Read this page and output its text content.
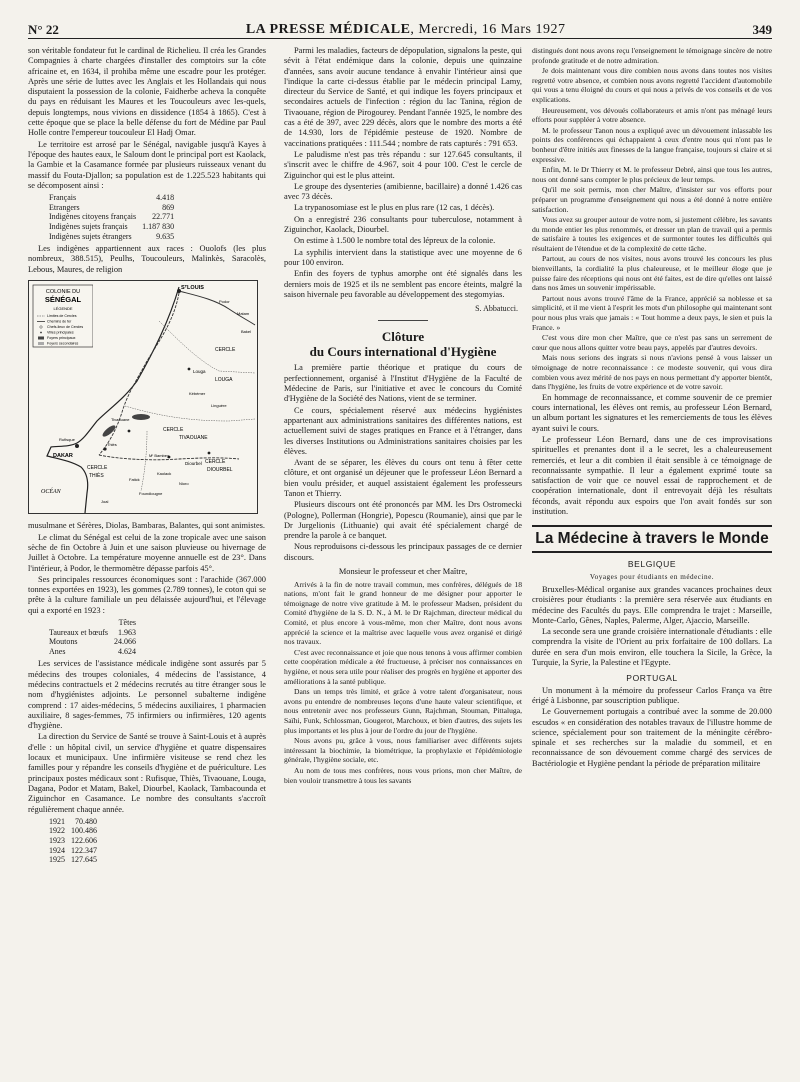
N° 22	LA PRESSE MÉDICALE, Mercredi, 16 Mars 1927	349

son véritable fondateur fut le cardinal de Richelieu. Il créa les Grandes Compagnies à charte chargées d'installer des comptoirs sur la côte africaine et, en 1634, il prohiba même une escadre pour les protéger. Après une série de luttes avec les Anglais et les Hollandais qui nous disputaient la possession de la colonie, Faidherbe acheva la conquête du pays en réduisant les Maures et les Toucouleurs avec les-quels, depuis longtemps, nous vivions en dissidence (1854 à 1865). C'est à cette époque que se place la belle défense du fort de Médine par Paul Holle contre l'empereur toucouleur El Hadj Omar.

Le territoire est arrosé par le Sénégal, navigable jusqu'à Kayes à l'époque des hautes eaux, le Saloum dont le principal port est Kaolack, la Gambie et la Casamance formée par plusieurs ruisseaux venant du massif du Fouta-Djallon; sa population est de 1.225.523 habitants qui se décomposent ainsi :

Français	4.418
Etrangers	869
Indigènes citoyens français	22.771
Indigènes sujets français	1.187 830
Indigènes sujets étrangers	9.635

Les indigènes appartiennent aux races : Ouolofs (les plus nombreux, 388.515), Peulhs, Toucouleurs, Malinkès, Saracolès, Lebous, Maures, de religion

COLONIE DU
SÉNÉGAL
LÉGENDE
Limites de Cercles
Chemins de fer
Chefs-lieux de Cercles
Villes principales
Foyers principaux
Foyers secondaires
OCÉAN
SᵀLOUIS
Podor
Matam
Bakel
Louga
CERCLE
LOUGA
CERCLE
THIÈS
DAKAR
Rufisque
Thiès
Tivaouane
CERCLE
TIVAOUANE
Diourbel CERCLE
DIOURBEL
Kaolack
Nioro
Kébémer
Linguère
Mᵗ Bambey
Joal
Fatick
Foundiougne

musulmane et Sérères, Diolas, Bambaras, Balantes, qui sont animistes.

Le climat du Sénégal est celui de la zone tropicale avec une saison sèche de fin Octobre à Juin et une saison pluvieuse ou hivernage de Juillet à Octobre. La température moyenne annuelle est de 23°. Dans l'intérieur, à Podor, le thermomètre dépasse parfois 45°.

Ses principales ressources économiques sont : l'arachide (367.000 tonnes exportées en 1923), les gommes (2.789 tonnes), le coton qui se prête à la culture familiale un peu délaissée aujourd'hui, et l'élevage qui a exporté en 1923 :

	Têtes
Taureaux et bœufs	1.963
Moutons	24.066
Anes	4.624

Les services de l'assistance médicale indigène sont assurés par 5 médecins des troupes coloniales, 4 médecins de l'assistance, 4 médecins contractuels et 2 médecins recrutés au titre étranger sous le nom d'hygiénistes adjoints. Le personnel subalterne indigène comprend : 17 aides-médecins, 5 médecins auxiliaires, 1 pharmacien auxiliaire, 8 sages-femmes, 75 infirmiers ou infirmières, 120 agents d'hygiène.

La direction du Service de Santé se trouve à Saint-Louis et à auprès d'elle : un hôpital civil, un service d'hygiène et quatre dispensaires locaux et municipaux. Une infirmière visiteuse se rend chez les familles pour y répandre les conseils d'hygiène et de puériculture. Les principaux postes médicaux sont : Rufisque, Thiès, Tivaouane, Louga, Dagana, Podor et Matam, Bakel, Diourbel, Kaolack, Tambacounda et Ziguinchor en Casamance. Le nombre des consultants s'accroît régulièrement chaque année.

1921	70.480
1922	100.486
1923	122.606
1924	122.347
1925	127.645

Parmi les maladies, facteurs de dépopulation, signalons la peste, qui sévit à l'état endémique dans la colonie, depuis une quinzaine d'années, sans avoir aucune tendance à envahir l'intérieur ainsi que l'indique la carte ci-dessus établie par le médecin principal Lamy, directeur du Service de Santé, et qui indique les foyers principaux et secondaires actuels de l'infection : région du lac Tanina, région de Tivaouane, région de Pirogourey. Pendant l'année 1925, le nombre des cas a été de 397, avec 229 décès, alors que le nombre des morts a été de 14.930, lors de l'épidémie pesteuse de 1920. Nombre de vaccinations pratiquées : 111.544 ; nombre de rats capturés : 791 653.

Le paludisme n'est pas très répandu : sur 127.645 consultants, il s'inscrit avec le chiffre de 4.967, soit 4 pour 100. C'est le cercle de Ziguinchor qui est le plus atteint.

Le groupe des dysenteries (amibienne, bacillaire) a donné 1.426 cas avec 73 décès.

La trypanosomiase est le plus en plus rare (12 cas, 1 décès).

On a enregistré 236 consultants pour tuberculose, notamment à Ziguinchor, Kaolack, Diourbel.

On estime à 1.500 le nombre total des lépreux de la colonie.

La syphilis intervient dans la statistique avec une moyenne de 6 pour 100 environ.

Enfin des foyers de typhus amorphe ont été signalés dans les derniers mois de 1925 et ils ne semblent pas encore éteints, malgré la saison hivernale peu favorable au développement des stegomyias.

S. Abbatucci.
Clôture
du Cours international d'Hygiène

La première partie théorique et pratique du cours de perfectionnement, organisé à l'Institut d'Hygiène de la Faculté de Médecine de Paris, sur l'initiative et avec le concours du Comité d'Hygiène de la Société des Nations, vient de se terminer.

Ce cours, spécialement réservé aux médecins hygiénistes appartenant aux administrations sanitaires des différentes nations, est actuellement suivi de stages pratiques en France et à l'étranger, dans les diverses Institutions ou Administrations sanitaires choisies par les élèves.

Avant de se séparer, les élèves du cours ont tenu à fêter cette clôture, et ont organisé un déjeuner que le professeur Léon Bernard a bien voulu présider, et auquel assistaient également les professeurs Tanon et Thierry.

Plusieurs discours ont été prononcés par MM. les Drs Ostromecki (Pologne), Pollerman (Hongrie), Popescu (Roumanie), ainsi que par le Dr Jurgelionis (Lithuanie) qui avait été spécialement chargé de prendre la parole à ce banquet.

Nous reproduisons ci-dessous les principaux passages de ce dernier discours.

Monsieur le professeur et cher Maître,

Arrivés à la fin de notre travail commun, mes confrères, délégués de 18 nations, m'ont fait le grand honneur de me désigner pour apporter le témoignage de notre vive gratitude à M. le professeur Madsen, président du Comité d'hygiène de la S. D. N., à M. le Dr Rajchman, directeur médical du Comité, et plus encore à vous-même, mon cher Maître, dont nous avons apprécié la science et la maîtrise avec laquelle vous avez organisé et dirigé nos travaux.

C'est avec reconnaissance et joie que nous tenons à vous affirmer combien cette coopération médicale a été fructueuse, à préciser nos connaissances en hygiène, et nous sera utile pour réaliser des progrès en hygiène et apporter des améliorations à la santé publique.

Dans un temps très limité, et grâce à votre talent d'organisateur, nous avons pu entendre de nombreuses leçons d'une haute valeur scientifique, et nous entretenir avec nos professeurs Gunn, Rajchman, Stouman, Pittaluga, Saïhi, Funk, Schlossman, Gougerot, Marchoux, et bien d'autres, des sujets les plus importants et les plus à jour de l'ordre du jour de l'hygiène.

Nous avons pu, grâce à vous, nous familiariser avec différents sujets intéressant la biochimie, la biométrique, la prophylaxie et l'épidémiologie générale, l'hygiène sociale, etc.

Au nom de tous mes confrères, nous vous prions, mon cher Maître, de bien vouloir transmettre à tous les savants

distingués dont nous avons reçu l'enseignement le témoignage sincère de notre profonde gratitude et de notre admiration.

Je dois maintenant vous dire combien nous avons dans toutes nos visites regretté votre absence, et combien nous avons regretté l'accident d'automobile qui vous a tenu éloigné du cours et qui nous a privés de vos conseils et de vos explications.

Heureusement, vos dévoués collaborateurs et amis n'ont pas ménagé leurs efforts pour suppléer à votre absence.

M. le professeur Tanon nous a expliqué avec un dévouement inlassable les points des conférences qui échappaient à ceux d'entre nous qui n'ont pas le bonheur d'être initiés aux finesses de la langue française, toujours si claire et si expressive.

Enfin, M. le Dr Thierry et M. le professeur Debré, ainsi que tous les autres, nous ont donné sans compter le plus précieux de leur temps.

Qu'il me soit permis, mon cher Maître, d'insister sur vos efforts pour préparer un programme d'enseignement qui nous a été donné à notre entière satisfaction.

Vous avez su grouper autour de votre nom, si justement célèbre, les savants du monde entier les plus renommés, et dresser un plan de travail qui a permis de satisfaire à toutes les exigences et de surmonter toutes les difficultés qui résultaient de l'étendue et de la complexité de cette tâche.

Partout, au cours de nos visites, nous avons trouvé les concours les plus bienveillants, la cordialité la plus chaleureuse, et le meilleur éloge que je puisse faire des réceptions qui nous ont été faites, est de dire qu'elles ont laissé dans nos âmes un souvenir impérissable.

Partout nous avons trouvé l'âme de la France, apprécié sa noblesse et sa simplicité, et il me vient à l'esprit les mots d'un philosophe qui maintenant sont pour nous plus vrais que jamais : « Tout homme a deux pays, le sien et puis la France. »

C'est vous dire mon cher Maître, que ce n'est pas sans un serrement de cœur que nous allons quitter votre beau pays, appelés par d'autres devoirs.

Mais nous serions des ingrats si nous n'avions pensé à vous laisser un témoignage de notre reconnaissance : ce modeste souvenir, qui vous dira combien vous avez mérité de nos pays en nous permettant d'y apporter bientôt, dans l'hygiène, les fruits de votre expérience et de votre savoir.

En hommage de reconnaissance, et comme souvenir de ce premier cours international, les élèves ont remis, au professeur Léon Bernard, un album portant les signatures et les remerciements de tous les élèves ayant suivi le cours.

Le professeur Léon Bernard, dans une de ces improvisations spirituelles et prenantes dont il a le secret, les a chaleureusement remerciés, et leur a dit combien il était sensible à ce témoignage de reconnaissante sympathie. Il leur a également exprimé toute sa satisfaction de voir que ce nouvel essai de rapprochement et de coopération internationale, dont il entrevoyait déjà les résultats féconds, avait répondu aux espoirs que l'on avait fondés sur son institution.

La Médecine à travers le Monde
BELGIQUE
Voyages pour étudiants en médecine.

Bruxelles-Médical organise aux grandes vacances prochaines deux croisières pour étudiants : la première sera réservée aux étudiants en médecine des Facultés du pays. Elle comprendra le trajet : Marseille, Monte-Carlo, Gênes, Naples, Palerme, Alger, Ajaccio, Marseille.

La seconde sera une grande croisière internationale d'étudiants : elle comprendra la visite de l'Orient au prix forfaitaire de 100 dollars. La durée en sera d'un mois environ, elle touchera la Sicile, la Grèce, la Turquie, la Syrie, la Palestine et l'Egypte.

PORTUGAL

Un monument à la mémoire du professeur Carlos França va être érigé à Lisbonne, par souscription publique.

Le Gouvernement portugais a contribué avec la somme de 20.000 escudos « en considération des notables travaux de l'illustre homme de science, spécialement pour son traitement de la méningite cérébro-spinale et ses recherches sur la maladie du sommeil, et en reconnaissance de son dévouement comme chargé des services de Bactériologie et Hygiène pendant la période de préparation militaire
